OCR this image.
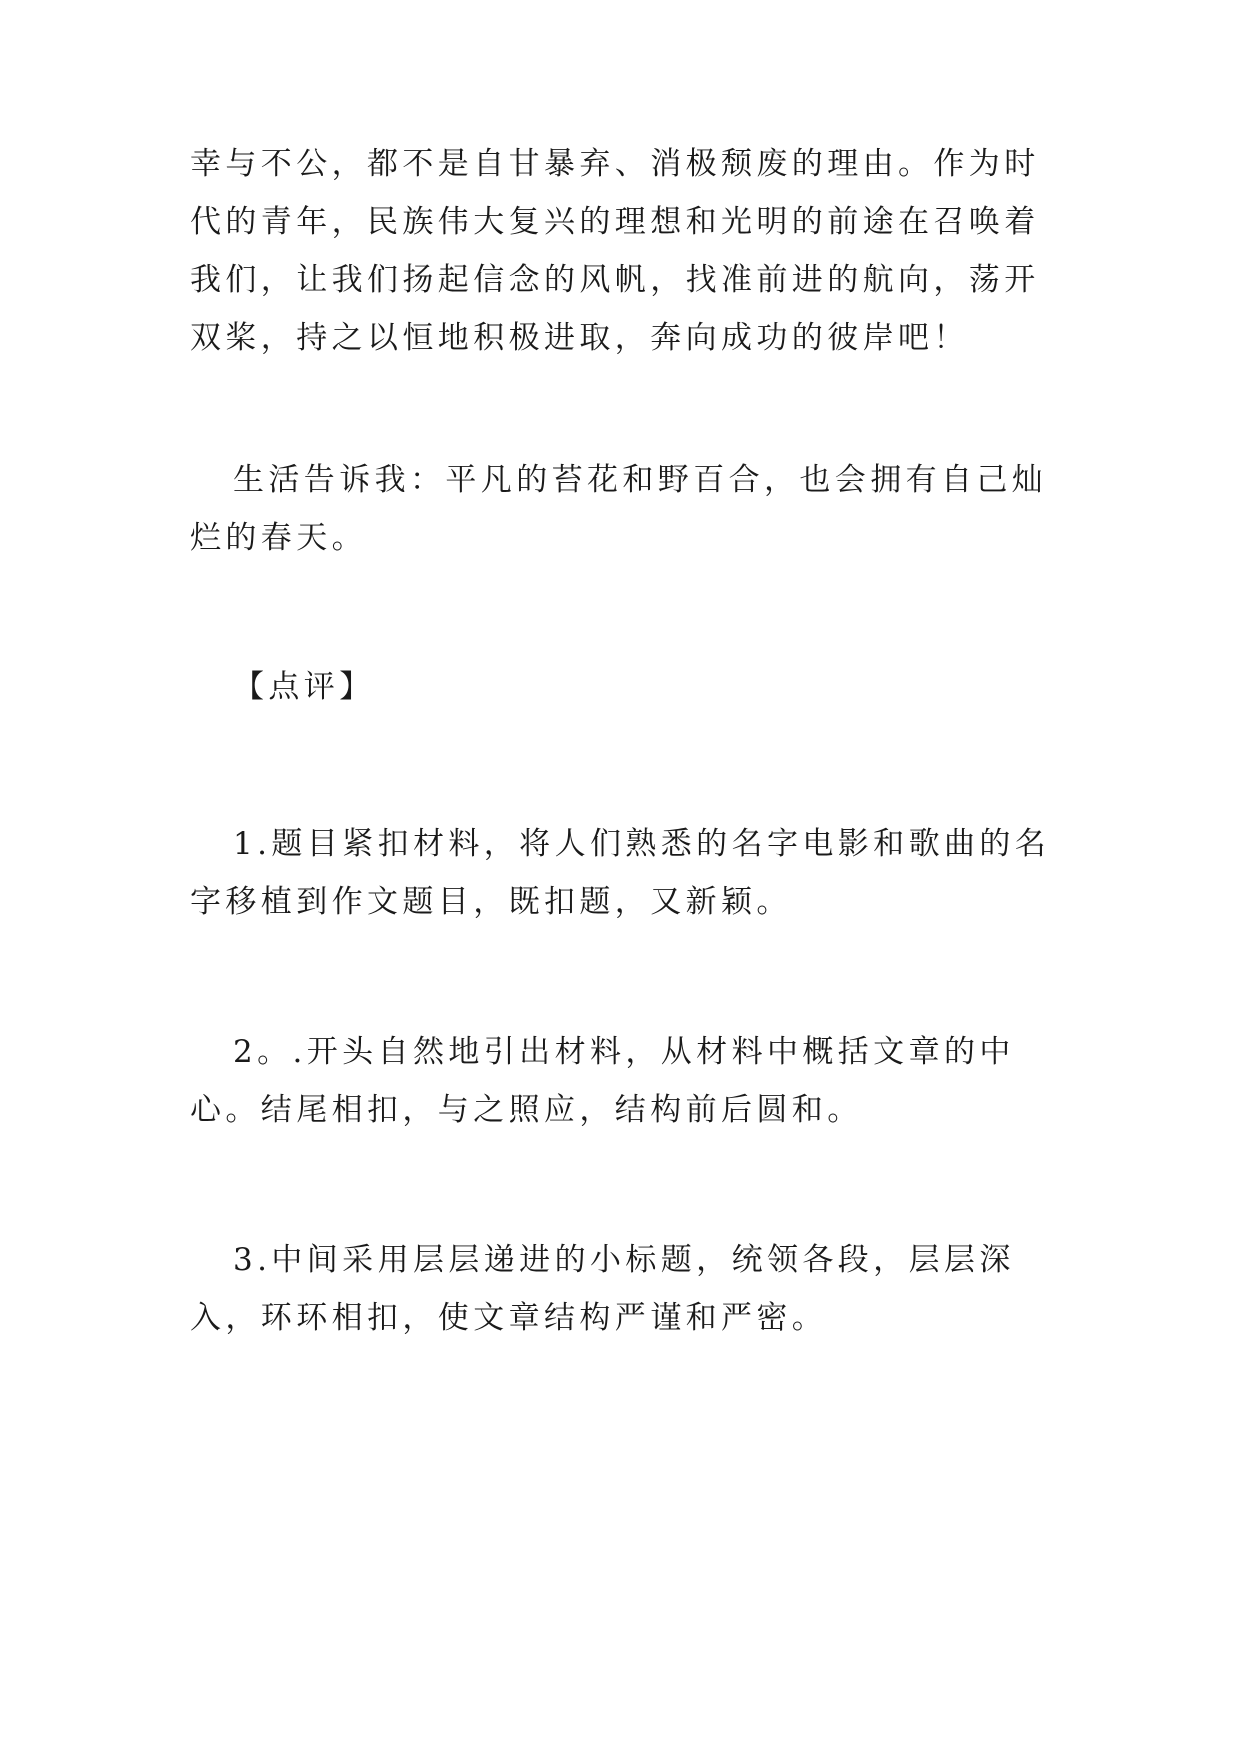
幸与不公，都不是自甘暴弃、消极颓废的理由。作为时代的青年，民族伟大复兴的理想和光明的前途在召唤着我们，让我们扬起信念的风帆，找准前进的航向，荡开双桨，持之以恒地积极进取，奔向成功的彼岸吧！

生活告诉我：平凡的苔花和野百合，也会拥有自己灿烂的春天。

【点评】

1.题目紧扣材料，将人们熟悉的名字电影和歌曲的名字移植到作文题目，既扣题，又新颖。

2。.开头自然地引出材料，从材料中概括文章的中心。结尾相扣，与之照应，结构前后圆和。

3.中间采用层层递进的小标题，统领各段，层层深入，环环相扣，使文章结构严谨和严密。
